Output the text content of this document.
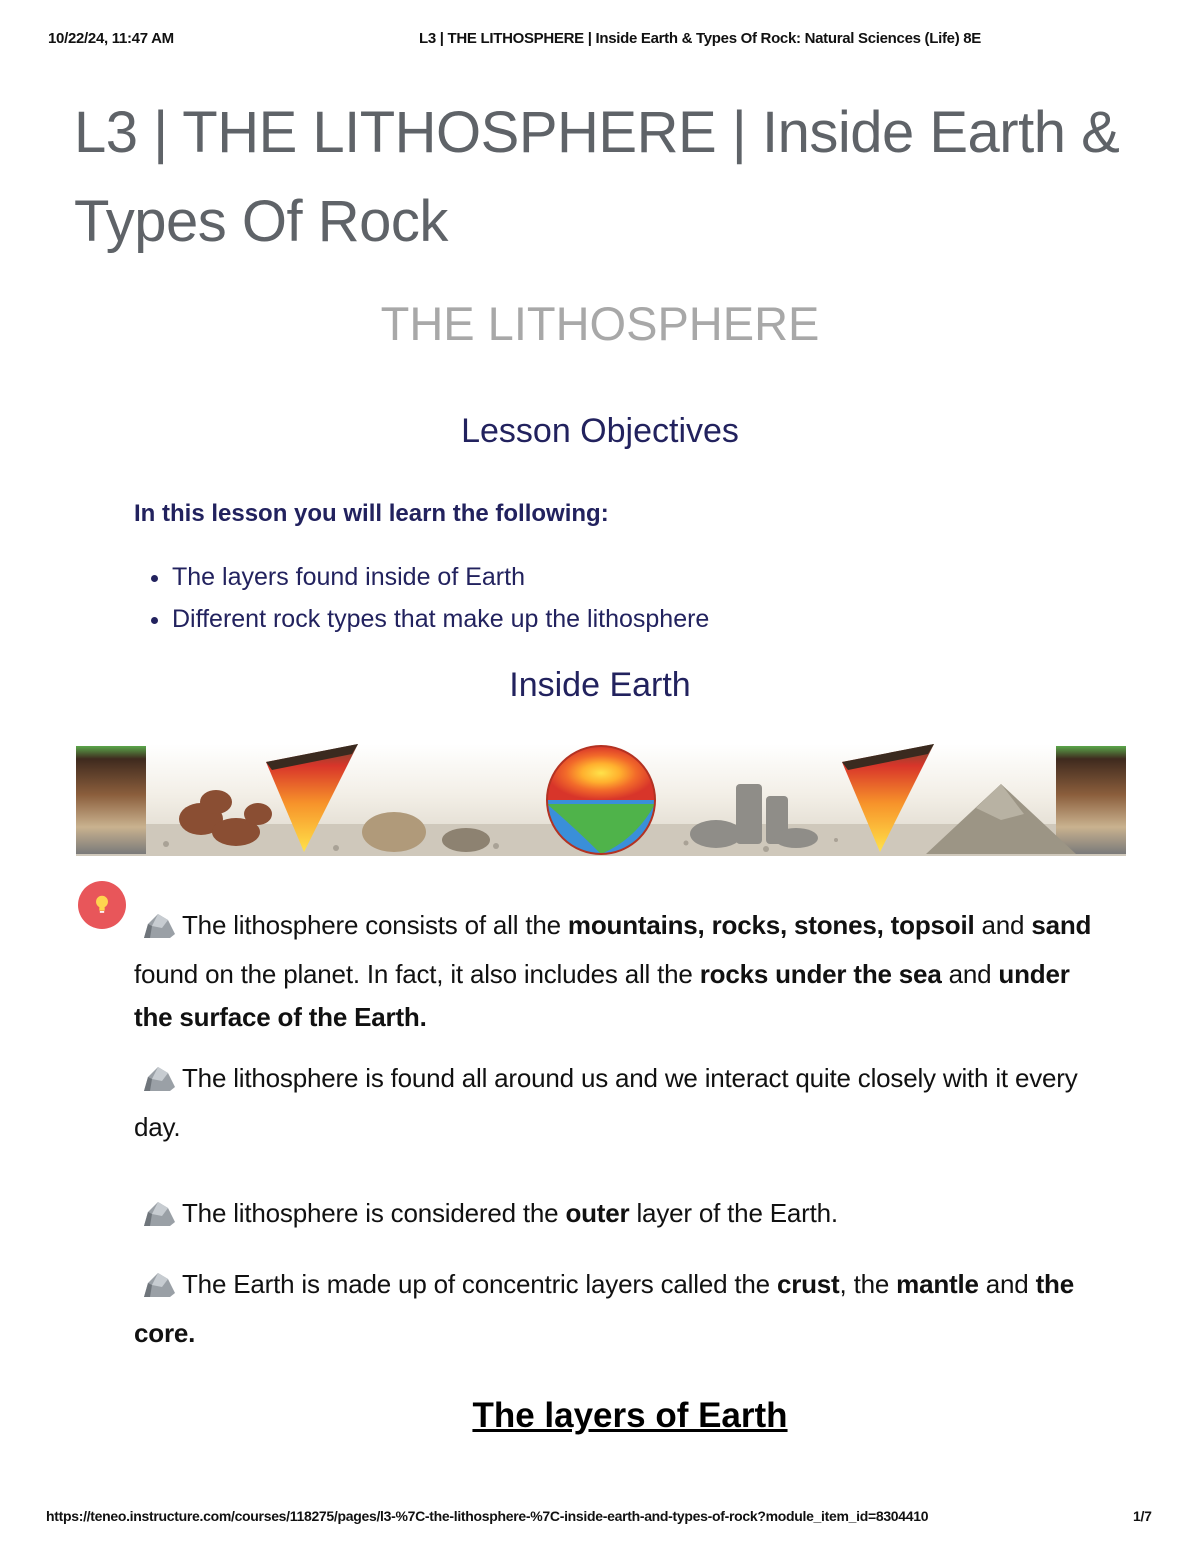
10/22/24, 11:47 AM	L3 | THE LITHOSPHERE | Inside Earth & Types Of Rock: Natural Sciences (Life) 8E
L3 | THE LITHOSPHERE | Inside Earth & Types Of Rock
THE LITHOSPHERE
Lesson Objectives
In this lesson you will learn the following:
• The layers found inside of Earth
• Different rock types that make up the lithosphere
Inside Earth
The lithosphere consists of all the mountains, rocks, stones, topsoil and sand found on the planet. In fact, it also includes all the rocks under the sea and under the surface of the Earth.
The lithosphere is found all around us and we interact quite closely with it every day.
The lithosphere is considered the outer layer of the Earth.
The Earth is made up of concentric layers called the crust, the mantle and the core.
The layers of Earth
https://teneo.instructure.com/courses/118275/pages/l3-%7C-the-lithosphere-%7C-inside-earth-and-types-of-rock?module_item_id=8304410	1/7
